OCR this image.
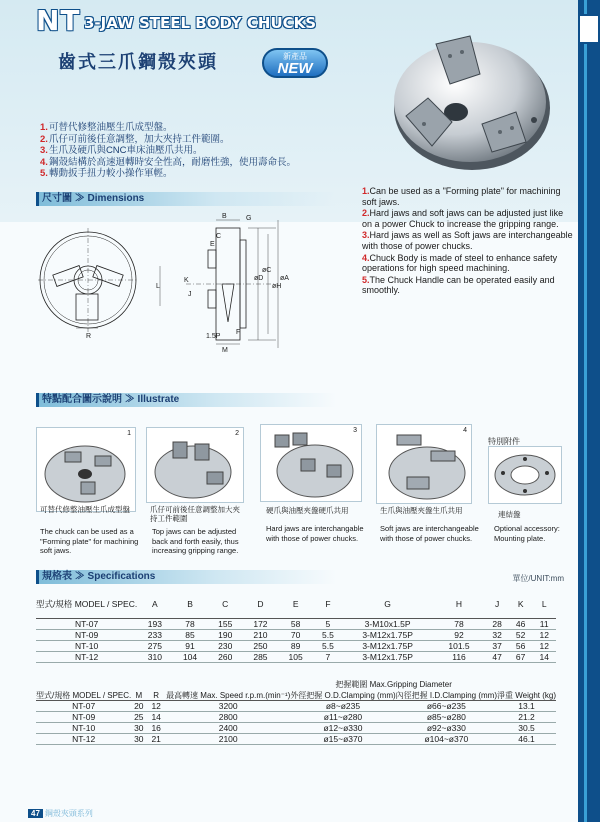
NT 3-JAW STEEL BODY CHUCKS
齒式三爪鋼殼夾頭	新產品
NEW
1.可替代修整油壓生爪成型盤。
2.爪仔可前後任意調整，加大夾持工件範圍。
3.生爪及硬爪與CNC車床油壓爪共用。
4.鋼殼結構於高速迴轉時安全性高，耐磨性強，使用壽命長。
5.轉動扳手扭力較小操作軍輕。
1.Can be used as a "Forming plate" for machining soft jaws.
2.Hard jaws and soft jaws can be adjusted just like on a power Chuck to increase the gripping range.
3.Hard jaws as well as Soft jaws are interchangeable with those of power chucks.
4.Chuck Body is made of steel to enhance safety operations for high speed machining.
5.The Chuck Handle can be operated easily and smoothly.
尺寸圖 ≫ Dimensions
B	G
C
E
K
J
R
L
øD
øH
øA
øC
F
1.5P
M
特點配合圖示說明 ≫ Illustrate
1
可替代修整油壓生爪成型盤
The chuck can be used as a "Forming plate" for machining soft jaws.
2
爪仔可前後任意調整加大夾持工件範圍
Top jaws can be adjusted back and forth easily, thus increasing gripping range.
3
硬爪與油壓夾盤硬爪共用
Hard jaws are interchangable with those of power chucks.
4
生爪與油壓夾盤生爪共用
Soft jaws are interchangeable with those of power chucks.
特別附件
連結盤
Optional accessory: Mounting plate.
規格表 ≫ Specifications	單位/UNIT:mm
型式/規格 MODEL / SPEC.	A	B	C	D	E	F	G	H	J	K	L
NT-07	193	78	155	172	58	5	3-M10x1.5P	78	28	46	11
NT-09	233	85	190	210	70	5.5	3-M12x1.75P	92	32	52	12
NT-10	275	91	230	250	89	5.5	3-M12x1.75P	101.5	37	56	12
NT-12	310	104	260	285	105	7	3-M12x1.75P	116	47	67	14
型式/規格 MODEL / SPEC.	M	R	最高轉速 Max. Speed r.p.m.(min⁻¹)	把握範圍 Max.Gripping Diameter		淨重 Weight (kg)
				外徑把握 O.D.Clamping (mm)	內徑把握 I.D.Clamping (mm)	
NT-07	20	12	3200	ø8~ø235	ø66~ø235	13.1
NT-09	25	14	2800	ø11~ø280	ø85~ø280	21.2
NT-10	30	16	2400	ø12~ø330	ø92~ø330	30.5
NT-12	30	21	2100	ø15~ø370	ø104~ø370	46.1
47 鋼殼夾頭系列
